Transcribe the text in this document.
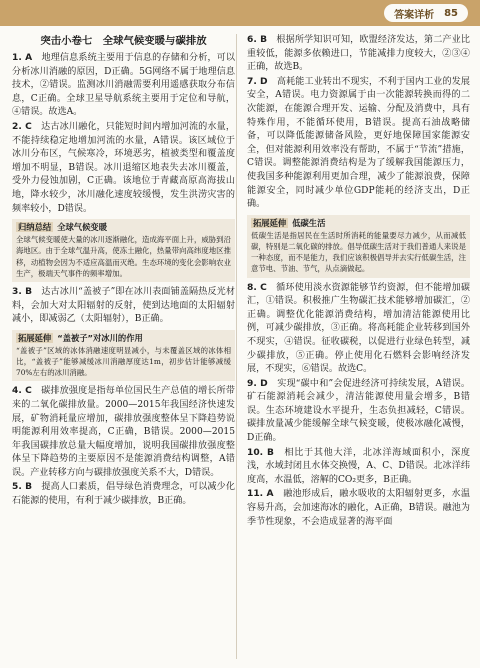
答案详析 85
突击小卷七　全球气候变暖与碳排放

1. A　地理信息系统主要用于信息的存储和分析，可以分析冰川消融的原因，D正确。5G网络不属于地理信息技术，②错误。监测冰川消融需要利用遥感获取分布信息，C正确。全球卫星导航系统主要用于定位和导航，④错误。故选A。

2. C　达古冰川融化，只能短时间内增加河流的水量，不能持续稳定地增加河流的水量，A错误。该区域位于冰川分布区，气候寒冷，环境恶劣，植被类型和覆盖度增加不明显，B错误。冰川退缩区地表失去冰川覆盖，受外力侵蚀加剧，C正确。该地位于青藏高原高海拔山地，降水较少，冰川融化速度较缓慢，发生洪涝灾害的频率较小，D错误。

归纳总结 全球气候变暖
全球气候变暖使大量的冰川逐渐融化，造成海平面上升，威胁到沿海地区。由于全球气温升高，使冻土融化，热量带向高纬度地区推移，动植物会因为不适应高温而灭绝。生态环境的变化会影响农业生产，极端天气事件的频率增加。

3. B　达古冰川“盖被子”即在冰川表面铺盖隔热反光材料，会加大对太阳辐射的反射，使到达地面的太阳辐射减小，即减弱乙（太阳辐射），B正确。

拓展延伸 “盖被子”对冰川的作用
“盖被子”区域的冰体消融速度明显减小，与未覆盖区域的冰体相比，“盖被子”能够减缓冰川消融厚度达1m，初步估计能够减缓70%左右的冰川消融。

4. C　碳排放强度是指每单位国民生产总值的增长所带来的二氧化碳排放量。2000—2015年我国经济快速发展，矿物消耗量应增加，碳排放强度整体呈下降趋势说明能源利用效率提高，C正确，B错误。2000—2015年我国碳排放总量大幅度增加，说明我国碳排放强度整体呈下降趋势的主要原因不是能源消费结构调整，A错误。产业转移方向与碳排放强度关系不大，D错误。

5. B　提高人口素质，倡导绿色消费理念，可以减少化石能源的使用，有利于减少碳排放，B正确。

6. B　根据所学知识可知，欧盟经济发达，第二产业比重较低，能源多依赖进口，节能减排力度较大，②③④正确，故选B。

7. D　高耗能工业转出不现实，不利于国内工业的发展安全，A错误。电力资源属于由一次能源转换而得的二次能源，在能源合理开发、运输、分配及消费中，具有特殊作用，不能循环使用，B错误。提高石油战略储备，可以降低能源储备风险，更好地保障国家能源安全，但对能源利用效率没有帮助，不属于“节流”措施，C错误。调整能源消费结构是为了缓解我国能源压力，使我国多种能源利用更加合理，减少了能源浪费，保障能源安全，同时减少单位GDP能耗的经济支出，D正确。

拓展延伸 低碳生活
低碳生活是指居民在生活时所消耗的能量要尽力减少，从而减低碳，特别是二氧化碳的排放。倡导低碳生活对于我们普通人来说是一种态度，而不是能力，我们应该积极倡导并去实行低碳生活，注意节电、节油、节气，从点滴做起。

8. C　循环使用淡水资源能够节约资源，但不能增加碳汇，①错误。积极推广生物碳汇技术能够增加碳汇，②正确。调整优化能源消费结构，增加清洁能源使用比例，可减少碳排放，③正确。将高耗能企业转移到国外不现实，④错误。征收碳税，以促进行业绿色转型，减少碳排放，⑤正确。停止使用化石燃料会影响经济发展，不现实，⑥错误。故选C。

9. D　实现“碳中和”会促进经济可持续发展，A错误。矿石能源消耗会减少，清洁能源使用量会增多，B错误。生态环境建设水平提升，生态负担减轻，C错误。碳排放量减少能缓解全球气候变暖，使极冰融化减慢，D正确。

10. B　相比于其他大洋，北冰洋海域面积小，深度浅，水域封闭且水体交换慢，A、C、D错误。北冰洋纬度高，水温低，溶解的CO₂更多，B正确。

11. A　融池形成后，融水吸收的太阳辐射更多，水温容易升高，会加速海冰的融化，A正确，B错误。融池为季节性现象，不会造成显著的海平面
